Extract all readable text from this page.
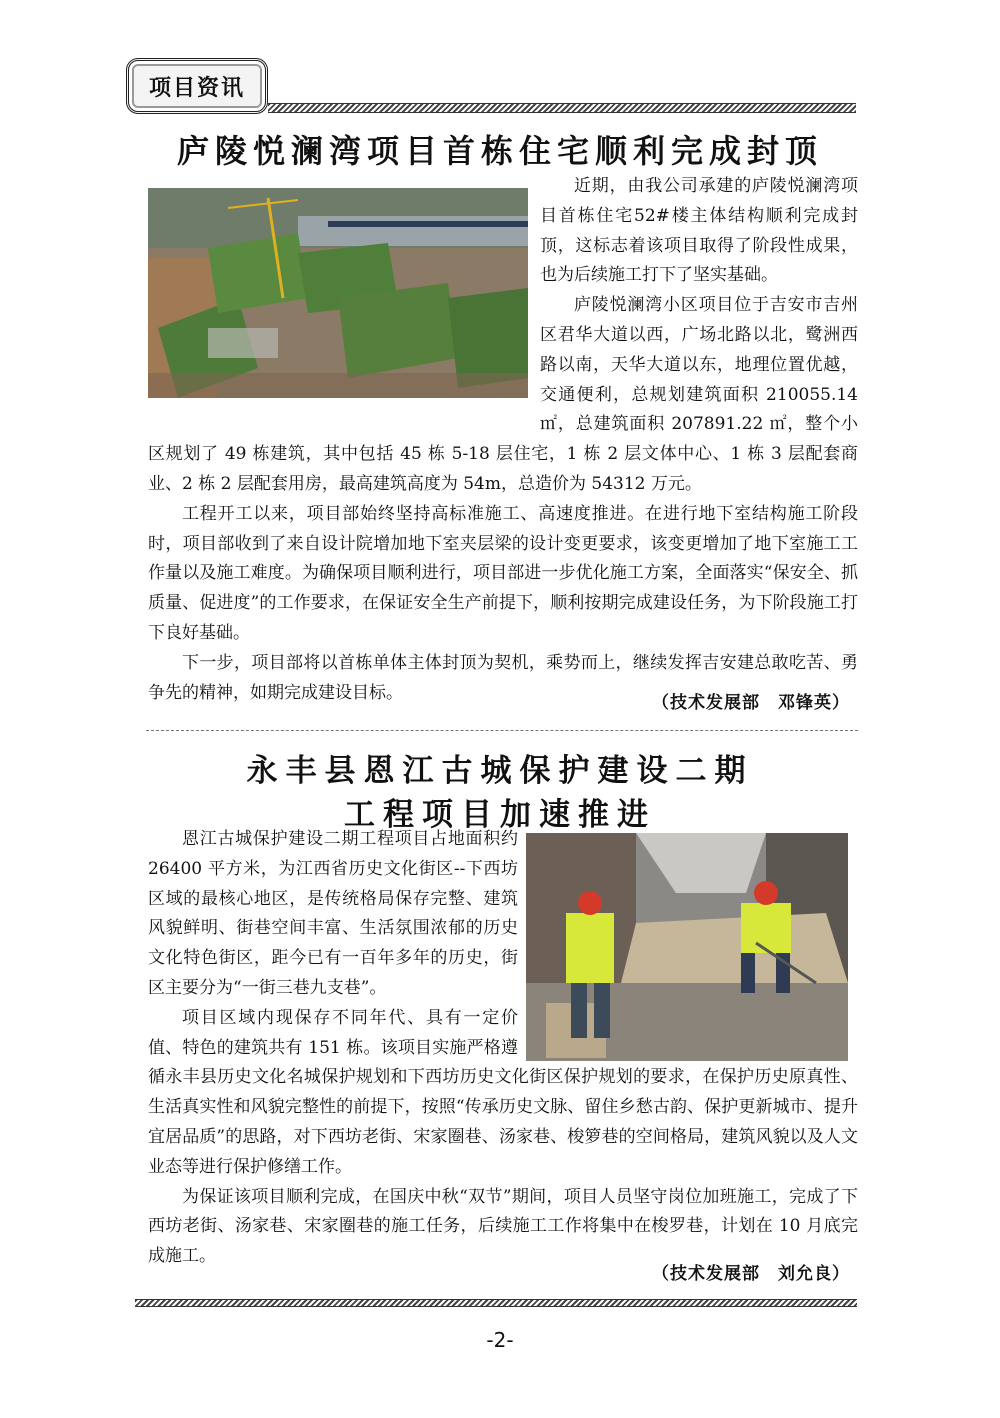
项目资讯
庐陵悦澜湾项目首栋住宅顺利完成封顶

近期，由我公司承建的庐陵悦澜湾项目首栋住宅52#楼主体结构顺利完成封顶，这标志着该项目取得了阶段性成果，也为后续施工打下了坚实基础。

庐陵悦澜湾小区项目位于吉安市吉州区君华大道以西，广场北路以北，鹭洲西路以南，天华大道以东，地理位置优越，交通便利，总规划建筑面积 210055.14 ㎡，总建筑面积 207891.22 ㎡，整个小区规划了 49 栋建筑，其中包括 45 栋 5-18 层住宅，1 栋 2 层文体中心、1 栋 3 层配套商业、2 栋 2 层配套用房，最高建筑高度为 54m，总造价为 54312 万元。

工程开工以来，项目部始终坚持高标准施工、高速度推进。在进行地下室结构施工阶段时，项目部收到了来自设计院增加地下室夹层梁的设计变更要求，该变更增加了地下室施工工作量以及施工难度。为确保项目顺利进行，项目部进一步优化施工方案，全面落实“保安全、抓质量、促进度”的工作要求，在保证安全生产前提下，顺利按期完成建设任务，为下阶段施工打下良好基础。

下一步，项目部将以首栋单体主体封顶为契机，乘势而上，继续发挥吉安建总敢吃苦、勇争先的精神，如期完成建设目标。

（技术发展部　邓锋英）
永丰县恩江古城保护建设二期
工程项目加速推进

恩江古城保护建设二期工程项目占地面积约 26400 平方米，为江西省历史文化街区--下西坊区域的最核心地区，是传统格局保存完整、建筑风貌鲜明、街巷空间丰富、生活氛围浓郁的历史文化特色街区，距今已有一百年多年的历史，街区主要分为“一街三巷九支巷”。

项目区域内现保存不同年代、具有一定价值、特色的建筑共有 151 栋。该项目实施严格遵循永丰县历史文化名城保护规划和下西坊历史文化街区保护规划的要求，在保护历史原真性、生活真实性和风貌完整性的前提下，按照“传承历史文脉、留住乡愁古韵、保护更新城市、提升宜居品质”的思路，对下西坊老街、宋家圈巷、汤家巷、梭箩巷的空间格局，建筑风貌以及人文业态等进行保护修缮工作。

为保证该项目顺利完成，在国庆中秋“双节”期间，项目人员坚守岗位加班施工，完成了下西坊老街、汤家巷、宋家圈巷的施工任务，后续施工工作将集中在梭罗巷，计划在 10 月底完成施工。

（技术发展部　刘允良）
-2-
